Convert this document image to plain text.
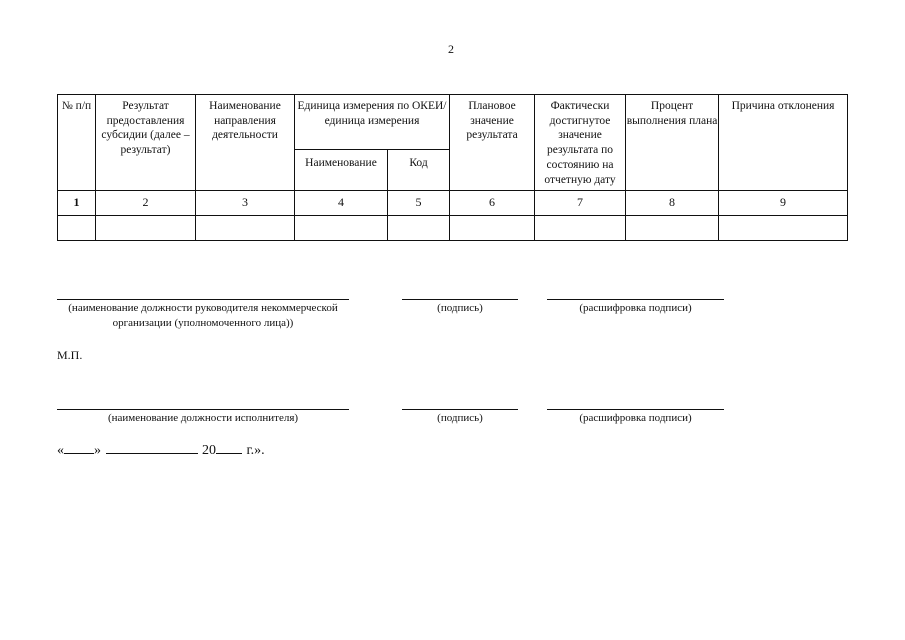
2
№ п/п	Результат предоставления субсидии (далее – результат)	Наименование направления деятельности	Единица измерения по ОКЕИ/единица измерения		Плановое значение результата	Фактически достигнутое значение результата по состоянию на отчетную дату	Процент выполнения плана	Причина отклонения
			Наименование	Код				
1	2	3	4	5	6	7	8	9

(наименование должности руководителя некоммерческой организации (уполномоченного лица))
(подпись)	(расшифровка подписи)
М.П.
(наименование должности исполнителя)	(подпись)	(расшифровка подписи)
« »	20 г.».
